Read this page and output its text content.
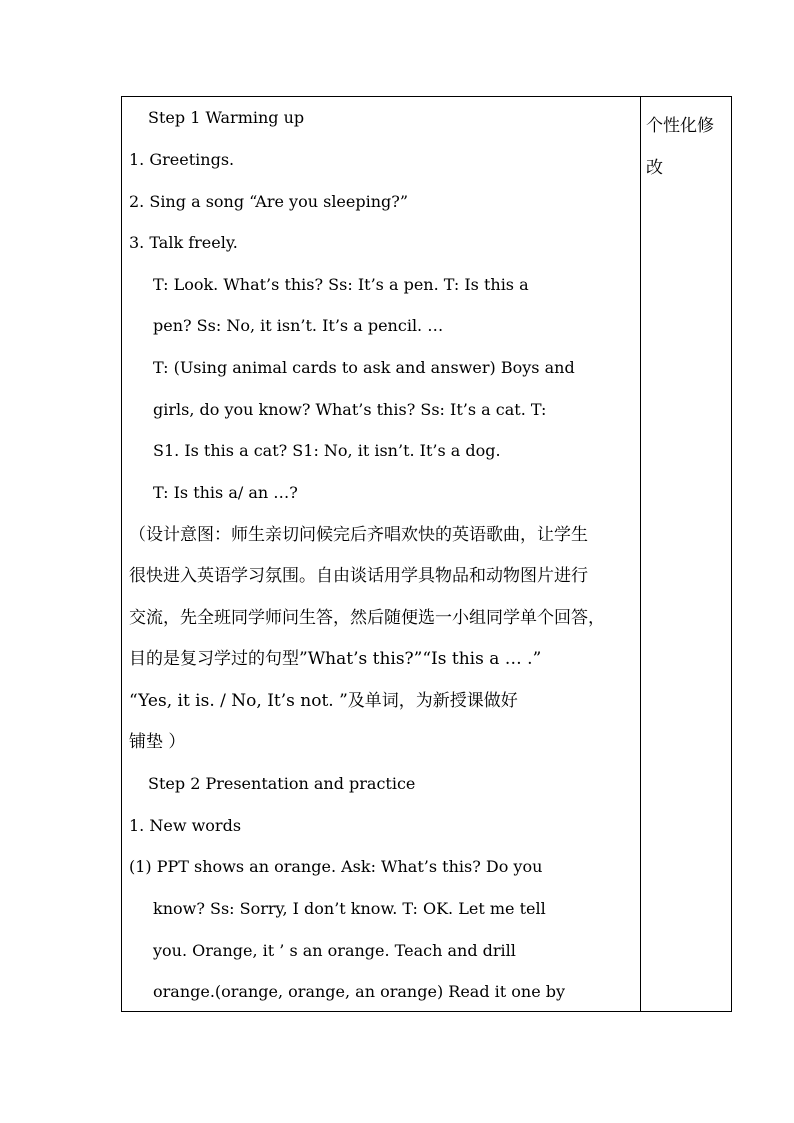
个性化修改
Step 1 Warming up
1. Greetings.
2. Sing a song “Are you sleeping?”
3. Talk freely.
T: Look. What’s this? Ss: It’s a pen. T: Is this a
pen? Ss: No, it isn’t. It’s a pencil. …
T: (Using animal cards to ask and answer) Boys and
girls, do you know? What’s this? Ss: It’s a cat. T:
S1. Is this a cat? S1: No, it isn’t. It’s a dog.
T: Is this a/ an …?
（设计意图：师生亲切问候完后齐唱欢快的英语歌曲，让学生
很快进入英语学习氛围。自由谈话用学具物品和动物图片进行
交流，先全班同学师问生答，然后随便选一小组同学单个回答，
目的是复习学过的句型”What’s this?”“Is this a … .”
“Yes, it is. / No, It’s not. ”及单词，为新授课做好
铺垫 ）
Step 2 Presentation and practice
1. New words
(1) PPT shows an orange. Ask: What’s this? Do you
know? Ss: Sorry, I don’t know. T: OK. Let me tell
you. Orange, it ’ s an orange. Teach and drill
orange.(orange, orange, an orange) Read it one by
